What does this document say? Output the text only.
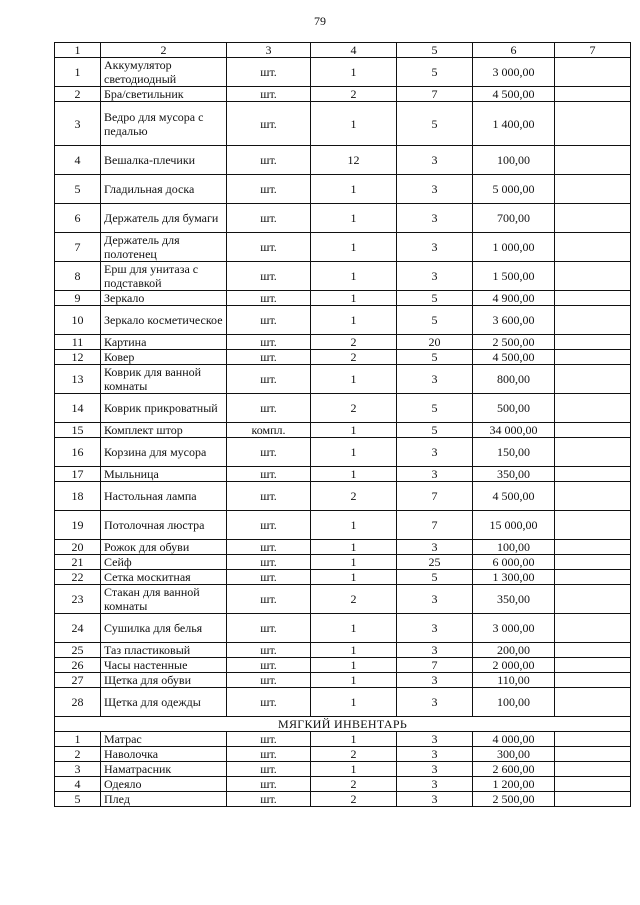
79
1	2	3	4	5	6	7
1	Аккумулятор светодиодный	шт.	1	5	3 000,00	
2	Бра/светильник	шт.	2	7	4 500,00	
3	Ведро для мусора с педалью	шт.	1	5	1 400,00	
4	Вешалка-плечики	шт.	12	3	100,00	
5	Гладильная доска	шт.	1	3	5 000,00	
6	Держатель для бумаги	шт.	1	3	700,00	
7	Держатель для полотенец	шт.	1	3	1 000,00	
8	Ерш для унитаза с подставкой	шт.	1	3	1 500,00	
9	Зеркало	шт.	1	5	4 900,00	
10	Зеркало косметическое	шт.	1	5	3 600,00	
11	Картина	шт.	2	20	2 500,00	
12	Ковер	шт.	2	5	4 500,00	
13	Коврик для ванной комнаты	шт.	1	3	800,00	
14	Коврик прикроватный	шт.	2	5	500,00	
15	Комплект штор	компл.	1	5	34 000,00	
16	Корзина для мусора	шт.	1	3	150,00	
17	Мыльница	шт.	1	3	350,00	
18	Настольная лампа	шт.	2	7	4 500,00	
19	Потолочная люстра	шт.	1	7	15 000,00	
20	Рожок для обуви	шт.	1	3	100,00	
21	Сейф	шт.	1	25	6 000,00	
22	Сетка москитная	шт.	1	5	1 300,00	
23	Стакан для ванной комнаты	шт.	2	3	350,00	
24	Сушилка для белья	шт.	1	3	3 000,00	
25	Таз пластиковый	шт.	1	3	200,00	
26	Часы настенные	шт.	1	7	2 000,00	
27	Щетка для обуви	шт.	1	3	110,00	
28	Щетка для одежды	шт.	1	3	100,00	
МЯГКИЙ ИНВЕНТАРЬ						
1	Матрас	шт.	1	3	4 000,00	
2	Наволочка	шт.	2	3	300,00	
3	Наматрасник	шт.	1	3	2 600,00	
4	Одеяло	шт.	2	3	1 200,00	
5	Плед	шт.	2	3	2 500,00	
